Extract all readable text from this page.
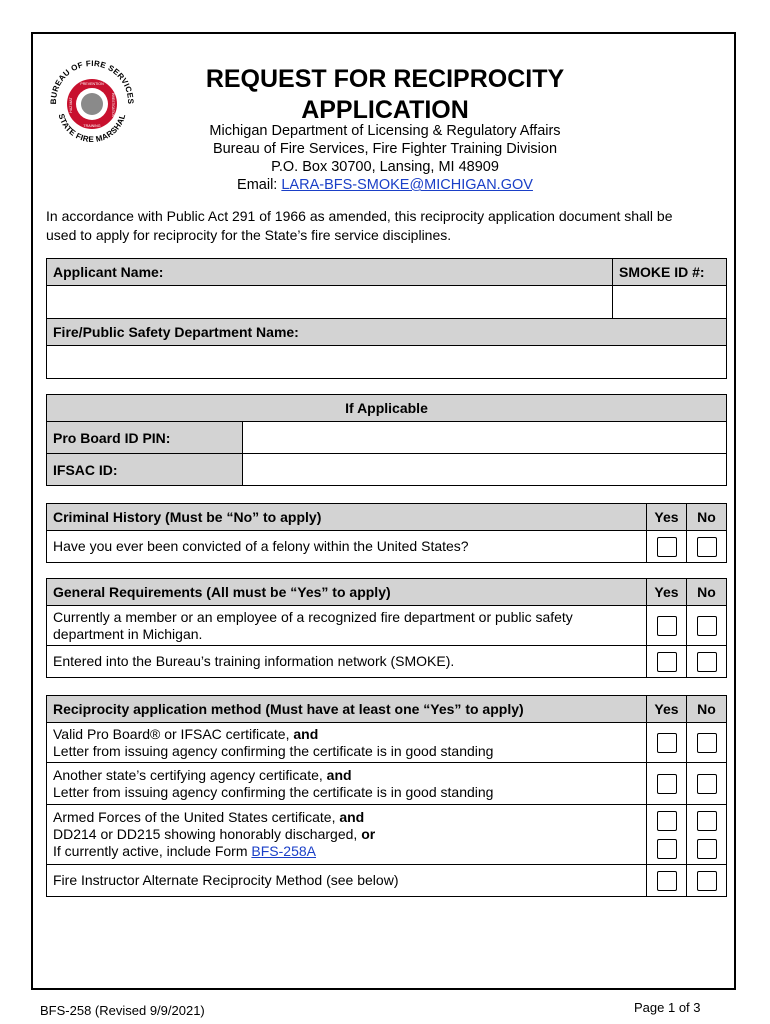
BUREAU OF FIRE SERVICES
STATE FIRE MARSHAL
PREVENTION
TRAINING
INVESTIGATION
HAZ MAT
REQUEST FOR RECIPROCITY
APPLICATION
Michigan Department of Licensing & Regulatory Affairs
Bureau of Fire Services, Fire Fighter Training Division
P.O. Box 30700, Lansing, MI 48909
Email: LARA-BFS-SMOKE@MICHIGAN.GOV
In accordance with Public Act 291 of 1966 as amended, this reciprocity application document shall be used to apply for reciprocity for the State’s fire service disciplines.
Applicant Name:	SMOKE ID #:

Fire/Public Safety Department Name:	

If Applicable	
Pro Board ID PIN:	
IFSAC ID:	
Criminal History (Must be “No” to apply)	Yes	No
Have you ever been convicted of a felony within the United States?		
General Requirements (All must be “Yes” to apply)	Yes	No

Currently a member or an employee of a recognized fire department or public safety
department in Michigan.		

Entered into the Bureau’s training information network (SMOKE).		
Reciprocity application method (Must have at least one “Yes” to apply)	Yes	No

Valid Pro Board® or IFSAC certificate, and
Letter from issuing agency confirming the certificate is in good standing		

Another state’s certifying agency certificate, and
Letter from issuing agency confirming the certificate is in good standing		

Armed Forces of the United States certificate, and
DD214 or DD215 showing honorably discharged, or
If currently active, include Form BFS-258A		

Fire Instructor Alternate Reciprocity Method (see below)		
BFS-258 (Revised 9/9/2021)	Page 1 of 3
